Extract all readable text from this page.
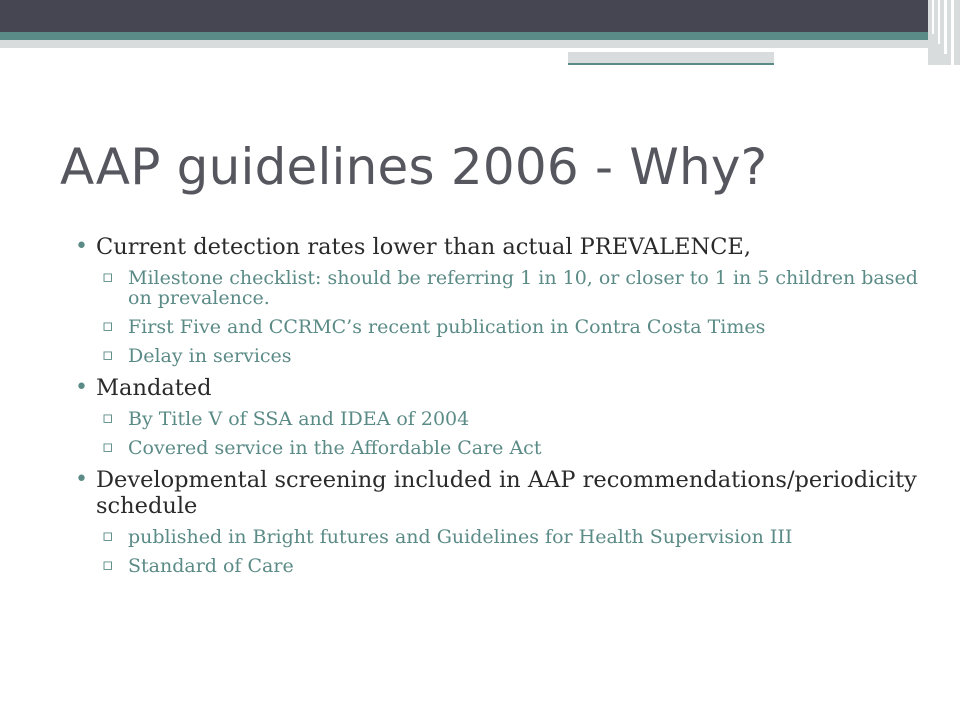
AAP guidelines 2006 - Why?
• Current detection rates lower than actual PREVALENCE,
▫ Milestone checklist: should be referring 1 in 10, or closer to 1 in 5 children based on prevalence.
▫ First Five and CCRMC’s recent publication in Contra Costa Times
▫ Delay in services
• Mandated
▫ By Title V of SSA and IDEA of 2004
▫ Covered service in the Affordable Care Act
• Developmental screening included in AAP recommendations/periodicity schedule
▫ published in Bright futures and Guidelines for Health Supervision III
▫ Standard of Care
